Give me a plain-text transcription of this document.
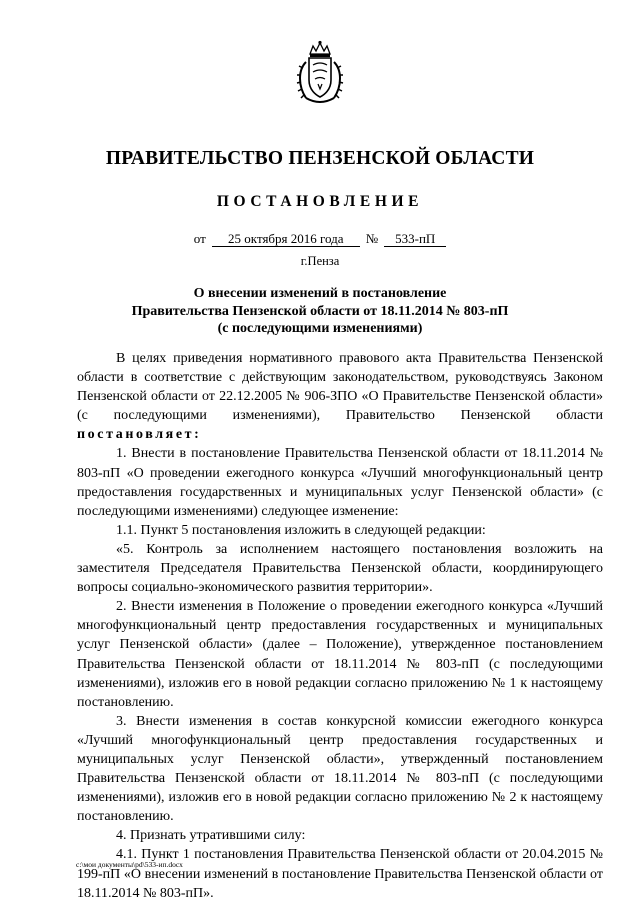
ПРАВИТЕЛЬСТВО ПЕНЗЕНСКОЙ ОБЛАСТИ
ПОСТАНОВЛЕНИЕ
от 25 октября 2016 года № 533-пП
г.Пенза
О внесении изменений в постановление
Правительства Пензенской области от 18.11.2014 № 803-пП
(с последующими изменениями)

В целях приведения нормативного правового акта Правительства Пензенской области в соответствие с действующим законодательством, руководствуясь Законом Пензенской области от 22.12.2005 № 906-ЗПО «О Правительстве Пензенской области» (с последующими изменениями), Правительство Пензенской области постановляет:

1. Внести в постановление Правительства Пензенской области от 18.11.2014 № 803-пП «О проведении ежегодного конкурса «Лучший многофункциональный центр предоставления государственных и муниципальных услуг Пензенской области» (с последующими изменениями) следующее изменение:

1.1. Пункт 5 постановления изложить в следующей редакции:

«5. Контроль за исполнением настоящего постановления возложить на заместителя Председателя Правительства Пензенской области, координирующего вопросы социально-экономического развития территории».

2. Внести изменения в Положение о проведении ежегодного конкурса «Лучший многофункциональный центр предоставления государственных и муниципальных услуг Пензенской области» (далее – Положение), утвержденное постановлением Правительства Пензенской области от 18.11.2014 № 803-пП (с последующими изменениями), изложив его в новой редакции согласно приложению № 1 к настоящему постановлению.

3. Внести изменения в состав конкурсной комиссии ежегодного конкурса «Лучший многофункциональный центр предоставления государственных и муниципальных услуг Пензенской области», утвержденный постановлением Правительства Пензенской области от 18.11.2014 № 803-пП (с последующими изменениями), изложив его в новой редакции согласно приложению № 2 к настоящему постановлению.

4. Признать утратившими силу:

4.1. Пункт 1 постановления Правительства Пензенской области от 20.04.2015 № 199-пП «О внесении изменений в постановление Правительства Пензенской области от 18.11.2014 № 803-пП».

c:\мои документы\рd\533-ип.docx
